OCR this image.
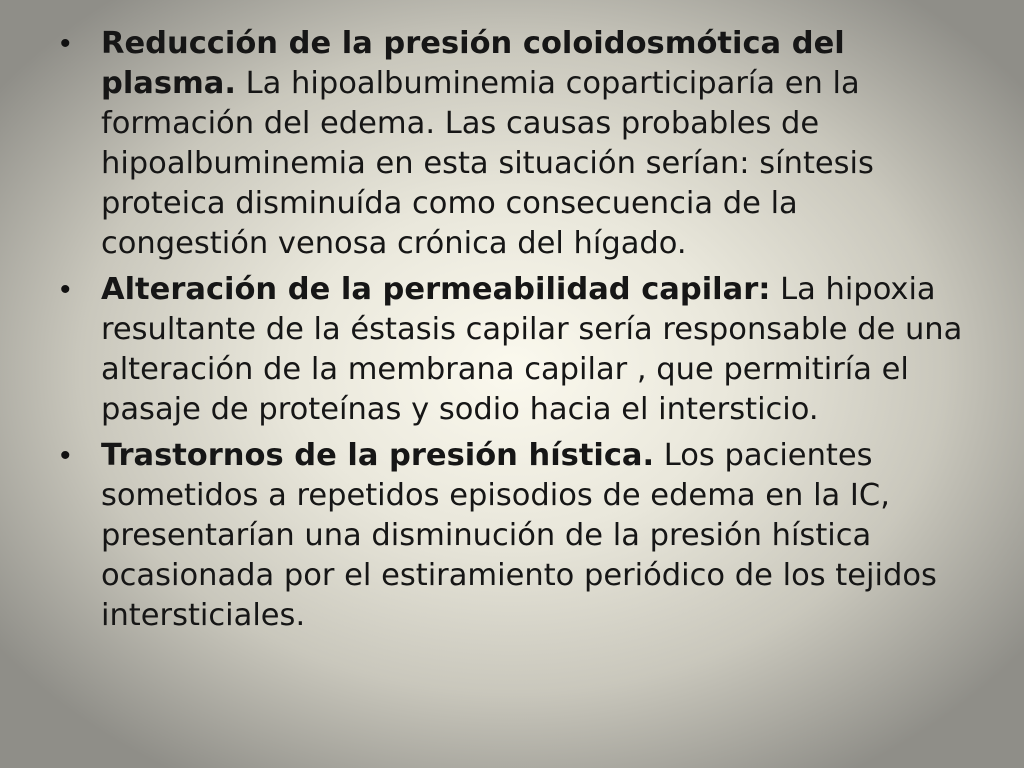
• Reducción de la presión coloidosmótica del plasma. La hipoalbuminemia coparticiparía en la formación del edema. Las causas probables de hipoalbuminemia en esta situación serían: síntesis proteica disminuída como consecuencia de la congestión venosa crónica del hígado.

• Alteración de la permeabilidad capilar: La hipoxia resultante de la éstasis capilar sería responsable de una alteración de la membrana capilar , que permitiría el pasaje de proteínas y sodio hacia el intersticio.

• Trastornos de la presión hística. Los pacientes sometidos a repetidos episodios de edema en la IC, presentarían una disminución de la presión hística ocasionada por el estiramiento periódico de los tejidos intersticiales.
